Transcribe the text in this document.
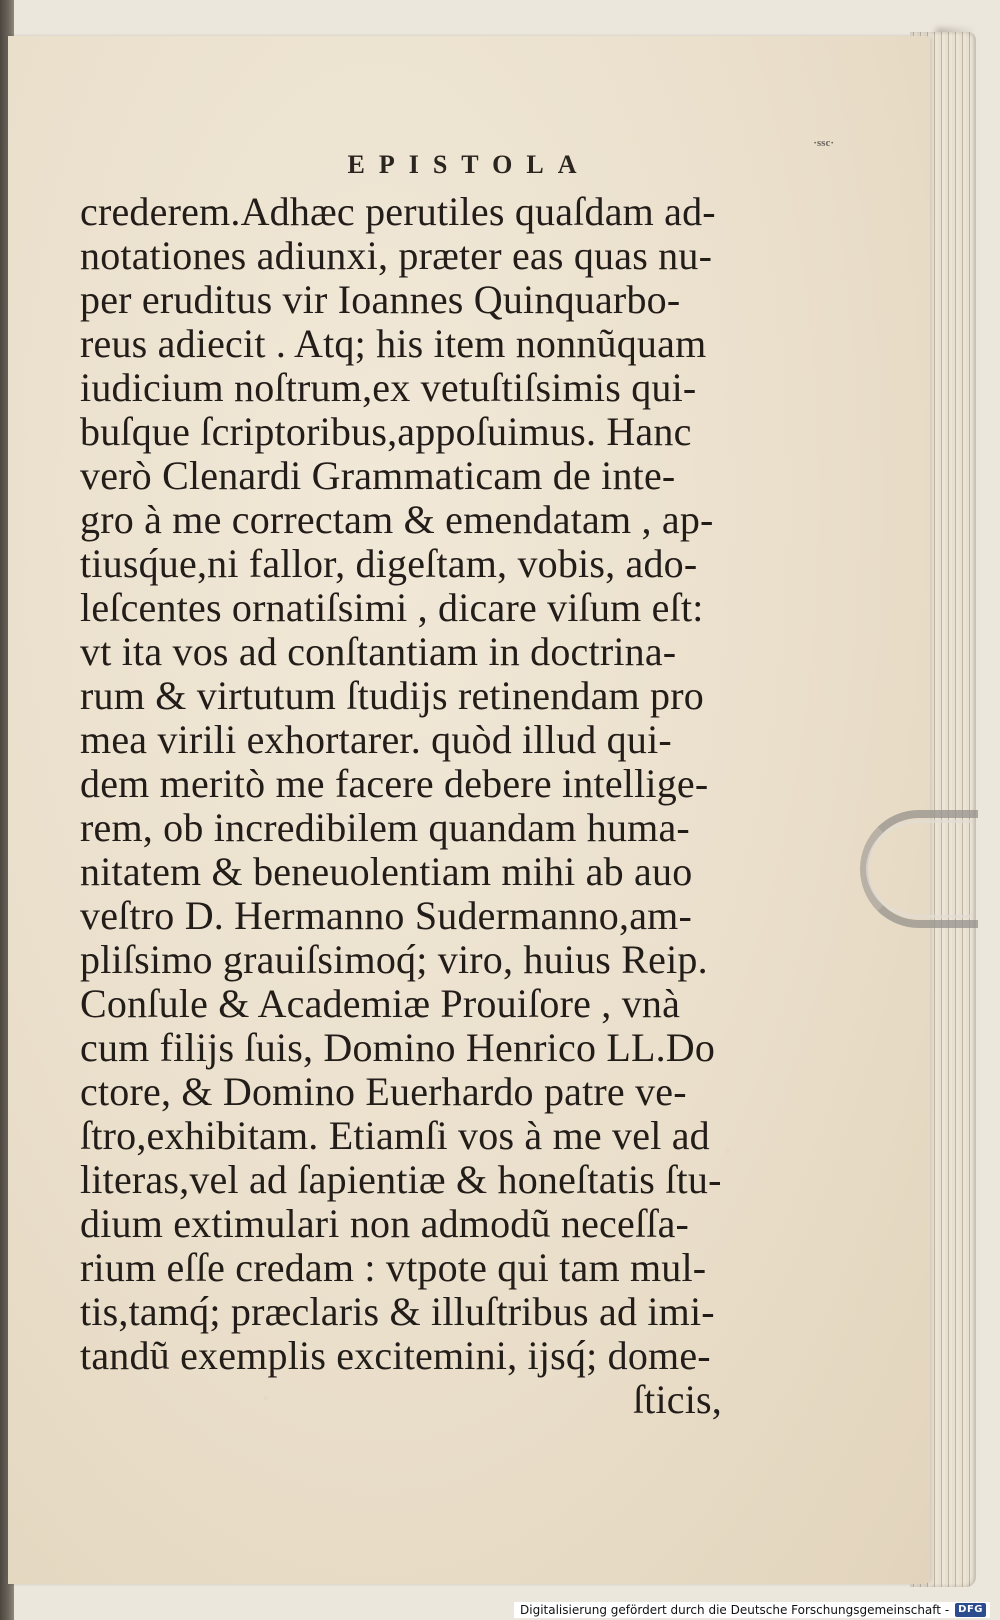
EPISTOLA
·ssc·
crederem.Adhæc perutiles quaſdam ad-
notationes adiunxi, præter eas quas nu-
per eruditus vir Ioannes Quinquarbo-
reus adiecit . Atq; his item nonnũquam
iudicium noſtrum,ex vetuſtiſsimis qui-
buſque ſcriptoribus,appoſuimus. Hanc
verò Clenardi Grammaticam de inte-
gro à me correctam & emendatam , ap-
tiusq́ue,ni fallor, digeſtam, vobis, ado-
leſcentes ornatiſsimi , dicare viſum eſt:
vt ita vos ad conſtantiam in doctrina-
rum & virtutum ſtudijs retinendam pro
mea virili exhortarer. quòd illud qui-
dem meritò me facere debere intellige-
rem, ob incredibilem quandam huma-
nitatem & beneuolentiam mihi ab auo
veſtro D. Hermanno Sudermanno,am-
pliſsimo grauiſsimoq́; viro, huius Reip.
Conſule & Academiæ Prouiſore , vnà
cum filijs ſuis, Domino Henrico LL.Do
ctore, & Domino Euerhardo patre ve-
ſtro,exhibitam. Etiamſi vos à me vel ad
literas,vel ad ſapientiæ & honeſtatis ſtu-
dium extimulari non admodũ neceſſa-
rium eſſe credam : vtpote qui tam mul-
tis,tamq́; præclaris & illuſtribus ad imi-
tandũ exemplis excitemini, ijsq́; dome-
ſticis,
Digitalisierung gefördert durch die Deutsche Forschungsgemeinschaft - DFG
